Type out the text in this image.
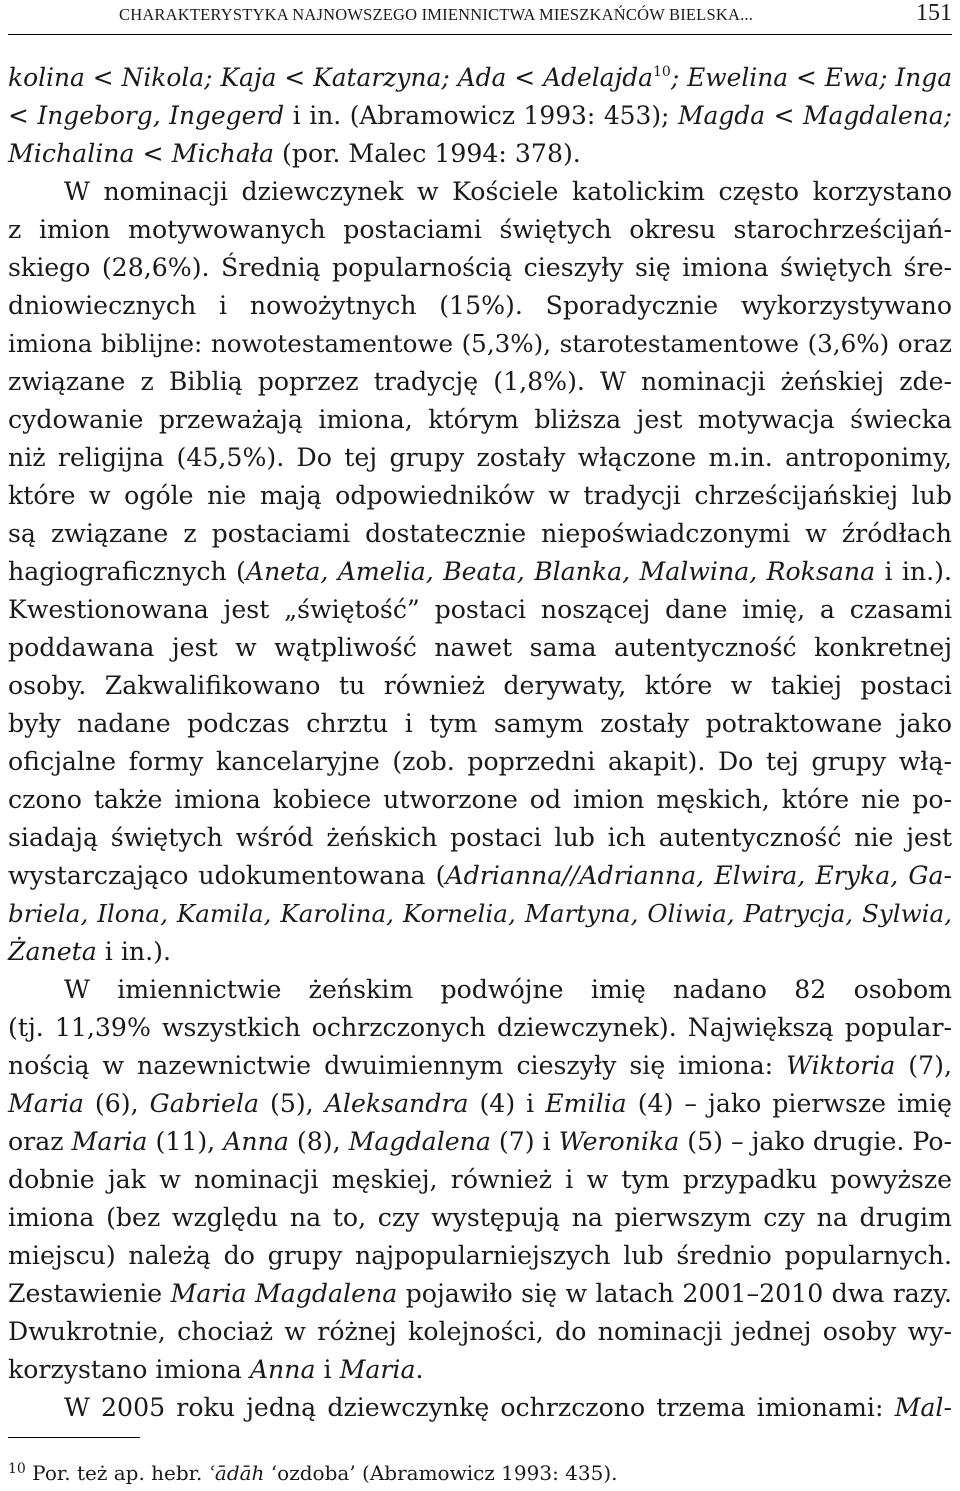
CHARAKTERYSTYKA NAJNOWSZEGO IMIENNICTWA MIESZKAŃCÓW BIELSKA...	151
kolina < Nikola; Kaja < Katarzyna; Ada < Adelajda$^{10}$; Ewelina < Ewa; Inga
< Ingeborg, Ingegerd i in. (Abramowicz 1993: 453); Magda < Magdalena;
Michalina < Michała (por. Malec 1994: 378).
W nominacji dziewczynek w Kościele katolickim często korzystano
z imion motywowanych postaciami świętych okresu starochrześcijań-
skiego (28,6%). Średnią popularnością cieszyły się imiona świętych śre-
dniowiecznych i nowożytnych (15%). Sporadycznie wykorzystywano
imiona biblijne: nowotestamentowe (5,3%), starotestamentowe (3,6%) oraz
związane z Biblią poprzez tradycję (1,8%). W nominacji żeńskiej zde-
cydowanie przeważają imiona, którym bliższa jest motywacja świecka
niż religijna (45,5%). Do tej grupy zostały włączone m.in. antroponimy,
które w ogóle nie mają odpowiedników w tradycji chrześcijańskiej lub
są związane z postaciami dostatecznie niepoświadczonymi w źródłach
hagiograficznych (Aneta, Amelia, Beata, Blanka, Malwina, Roksana i in.).
Kwestionowana jest „świętość” postaci noszącej dane imię, a czasami
poddawana jest w wątpliwość nawet sama autentyczność konkretnej
osoby. Zakwalifikowano tu również derywaty, które w takiej postaci
były nadane podczas chrztu i tym samym zostały potraktowane jako
oficjalne formy kancelaryjne (zob. poprzedni akapit). Do tej grupy włą-
czono także imiona kobiece utworzone od imion męskich, które nie po-
siadają świętych wśród żeńskich postaci lub ich autentyczność nie jest
wystarczająco udokumentowana (Adrianna//Adrianna, Elwira, Eryka, Ga-
briela, Ilona, Kamila, Karolina, Kornelia, Martyna, Oliwia, Patrycja, Sylwia,
Żaneta i in.).
W imiennictwie żeńskim podwójne imię nadano 82 osobom
(tj. 11,39% wszystkich ochrzczonych dziewczynek). Największą popular-
nością w nazewnictwie dwuimiennym cieszyły się imiona: Wiktoria (7),
Maria (6), Gabriela (5), Aleksandra (4) i Emilia (4) – jako pierwsze imię
oraz Maria (11), Anna (8), Magdalena (7) i Weronika (5) – jako drugie. Po-
dobnie jak w nominacji męskiej, również i w tym przypadku powyższe
imiona (bez względu na to, czy występują na pierwszym czy na drugim
miejscu) należą do grupy najpopularniejszych lub średnio popularnych.
Zestawienie Maria Magdalena pojawiło się w latach 2001–2010 dwa razy.
Dwukrotnie, chociaż w różnej kolejności, do nominacji jednej osoby wy-
korzystano imiona Anna i Maria.
W 2005 roku jedną dziewczynkę ochrzczono trzema imionami: Mal-
$^{10}$ Por. też ap. hebr. ʿādāh ‘ozdoba’ (Abramowicz 1993: 435).
